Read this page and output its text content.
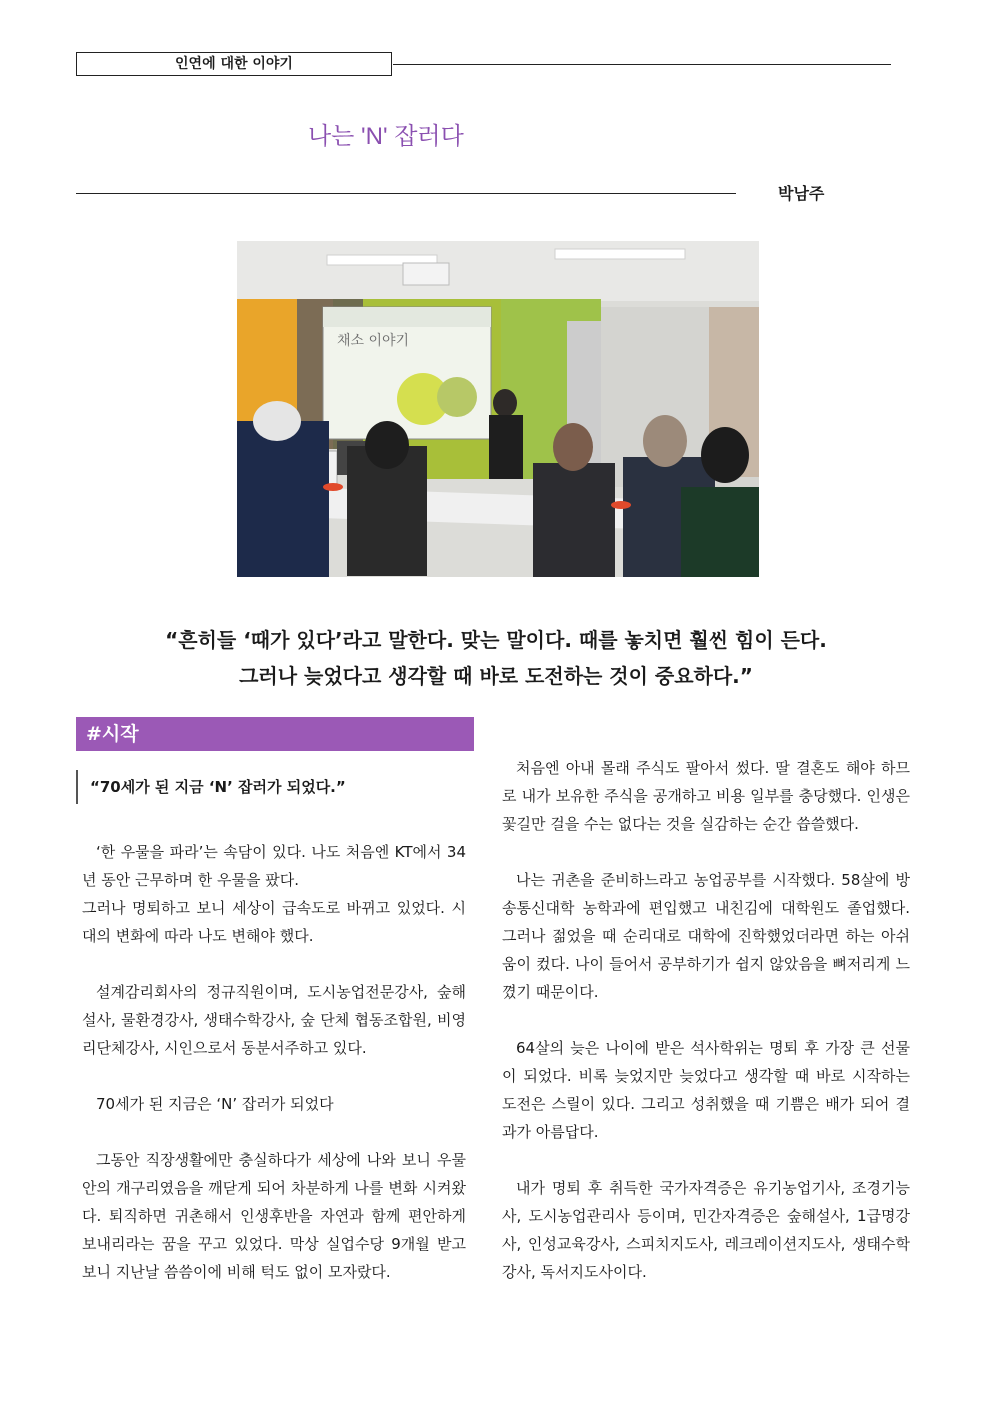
인연에 대한 이야기
나는 'N' 잡러다
박남주
채소 이야기

“흔히들 ‘때가 있다’라고 말한다. 맞는 말이다. 때를 놓치면 훨씬 힘이 든다.

그러나 늦었다고 생각할 때 바로 도전하는 것이 중요하다.”

#시작
“70세가 된 지금 ‘N’ 잡러가 되었다.”

‘한 우물을 파라’는 속담이 있다. 나도 처음엔 KT에서 34년 동안 근무하며 한 우물을 팠다.

그러나 명퇴하고 보니 세상이 급속도로 바뀌고 있었다. 시대의 변화에 따라 나도 변해야 했다.

설계감리회사의 정규직원이며, 도시농업전문강사, 숲해설사, 물환경강사, 생태수학강사, 숲 단체 협동조합원, 비영리단체강사, 시인으로서 동분서주하고 있다.

70세가 된 지금은 ‘N’ 잡러가 되었다

그동안 직장생활에만 충실하다가 세상에 나와 보니 우물안의 개구리였음을 깨닫게 되어 차분하게 나를 변화 시켜왔다. 퇴직하면 귀촌해서 인생후반을 자연과 함께 편안하게 보내리라는 꿈을 꾸고 있었다. 막상 실업수당 9개월 받고 보니 지난날 씀씀이에 비해 턱도 없이 모자랐다.

처음엔 아내 몰래 주식도 팔아서 썼다. 딸 결혼도 해야 하므로 내가 보유한 주식을 공개하고 비용 일부를 충당했다. 인생은 꽃길만 걸을 수는 없다는 것을 실감하는 순간 씁쓸했다.

나는 귀촌을 준비하느라고 농업공부를 시작했다. 58살에 방송통신대학 농학과에 편입했고 내친김에 대학원도 졸업했다. 그러나 젊었을 때 순리대로 대학에 진학했었더라면 하는 아쉬움이 컸다. 나이 들어서 공부하기가 쉽지 않았음을 뼈저리게 느꼈기 때문이다.

64살의 늦은 나이에 받은 석사학위는 명퇴 후 가장 큰 선물이 되었다. 비록 늦었지만 늦었다고 생각할 때 바로 시작하는 도전은 스릴이 있다. 그리고 성취했을 때 기쁨은 배가 되어 결과가 아름답다.

내가 명퇴 후 취득한 국가자격증은 유기농업기사, 조경기능사, 도시농업관리사 등이며, 민간자격증은 숲해설사, 1급명강사, 인성교육강사, 스피치지도사, 레크레이션지도사, 생태수학강사, 독서지도사이다.
